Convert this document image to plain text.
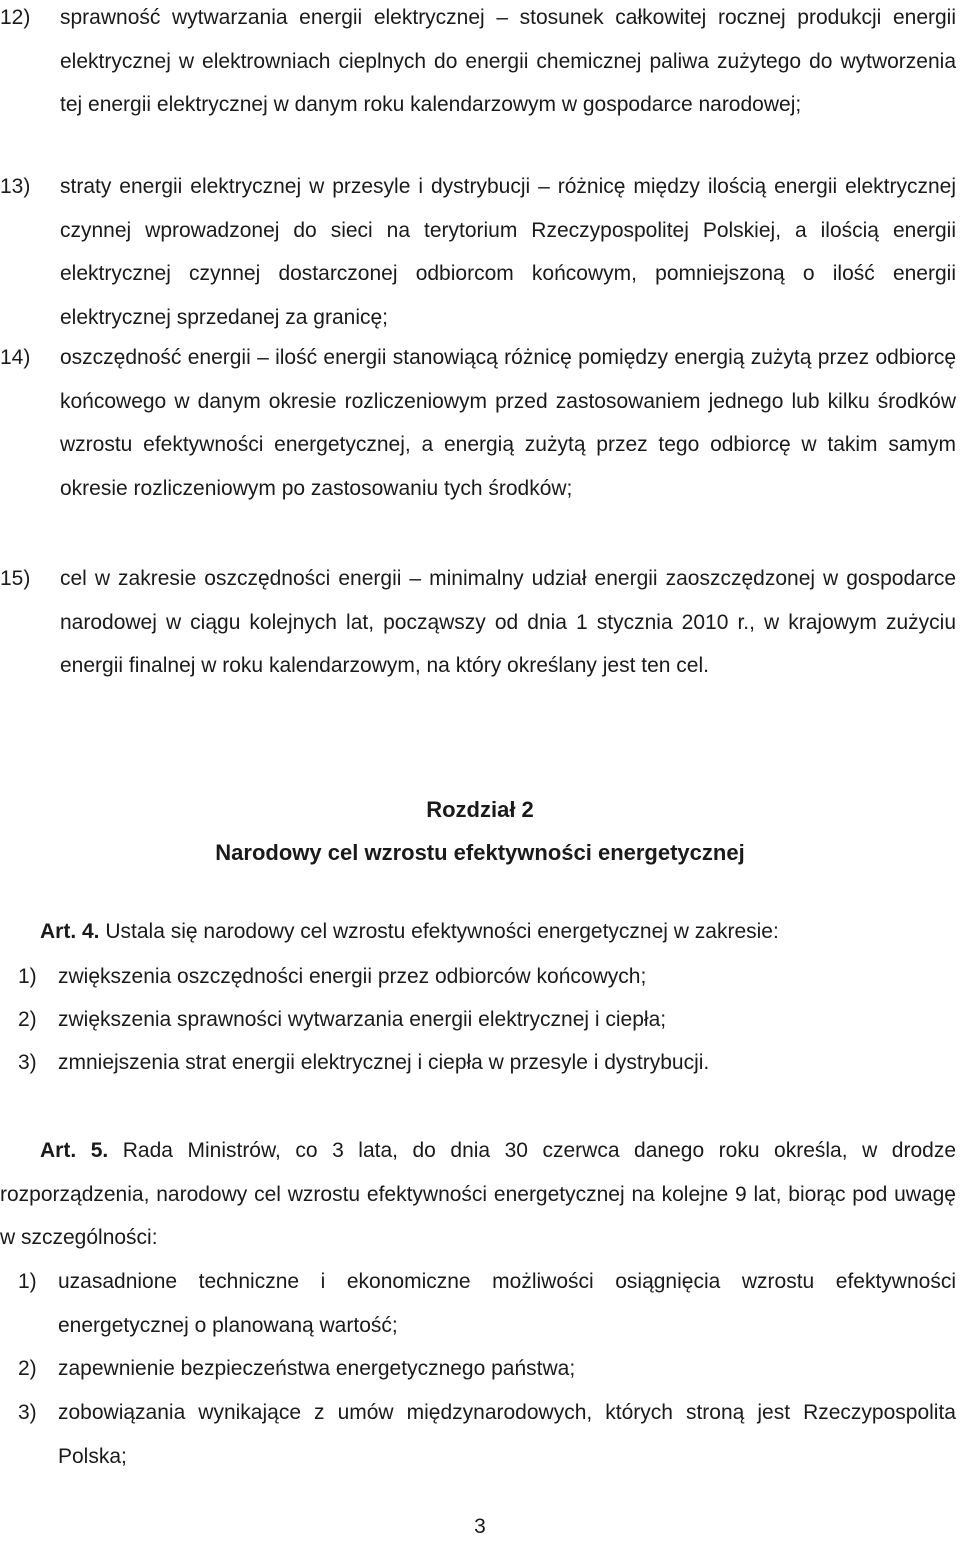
12) sprawność wytwarzania energii elektrycznej – stosunek całkowitej rocznej produkcji energii elektrycznej w elektrowniach cieplnych do energii chemicznej paliwa zużytego do wytworzenia tej energii elektrycznej w danym roku kalendarzowym w gospodarce narodowej;
13) straty energii elektrycznej w przesyle i dystrybucji – różnicę między ilością energii elektrycznej czynnej wprowadzonej do sieci na terytorium Rzeczypospolitej Polskiej, a ilością energii elektrycznej czynnej dostarczonej odbiorcom końcowym, pomniejszoną o ilość energii elektrycznej sprzedanej za granicę;
14) oszczędność energii – ilość energii stanowiącą różnicę pomiędzy energią zużytą przez odbiorcę końcowego w danym okresie rozliczeniowym przed zastosowaniem jednego lub kilku środków wzrostu efektywności energetycznej, a energią zużytą przez tego odbiorcę w takim samym okresie rozliczeniowym po zastosowaniu tych środków;
15) cel w zakresie oszczędności energii – minimalny udział energii zaoszczędzonej w gospodarce narodowej w ciągu kolejnych lat, począwszy od dnia 1 stycznia 2010 r., w krajowym zużyciu energii finalnej w roku kalendarzowym, na który określany jest ten cel.
Rozdział 2
Narodowy cel wzrostu efektywności energetycznej
Art. 4. Ustala się narodowy cel wzrostu efektywności energetycznej w zakresie:
1) zwiększenia oszczędności energii przez odbiorców końcowych;
2) zwiększenia sprawności wytwarzania energii elektrycznej i ciepła;
3) zmniejszenia strat energii elektrycznej i ciepła w przesyle i dystrybucji.
Art. 5. Rada Ministrów, co 3 lata, do dnia 30 czerwca danego roku określa, w drodze rozporządzenia, narodowy cel wzrostu efektywności energetycznej na kolejne 9 lat, biorąc pod uwagę w szczególności:
1) uzasadnione techniczne i ekonomiczne możliwości osiągnięcia wzrostu efektywności energetycznej o planowaną wartość;
2) zapewnienie bezpieczeństwa energetycznego państwa;
3) zobowiązania wynikające z umów międzynarodowych, których stroną jest Rzeczypospolita Polska;
3
